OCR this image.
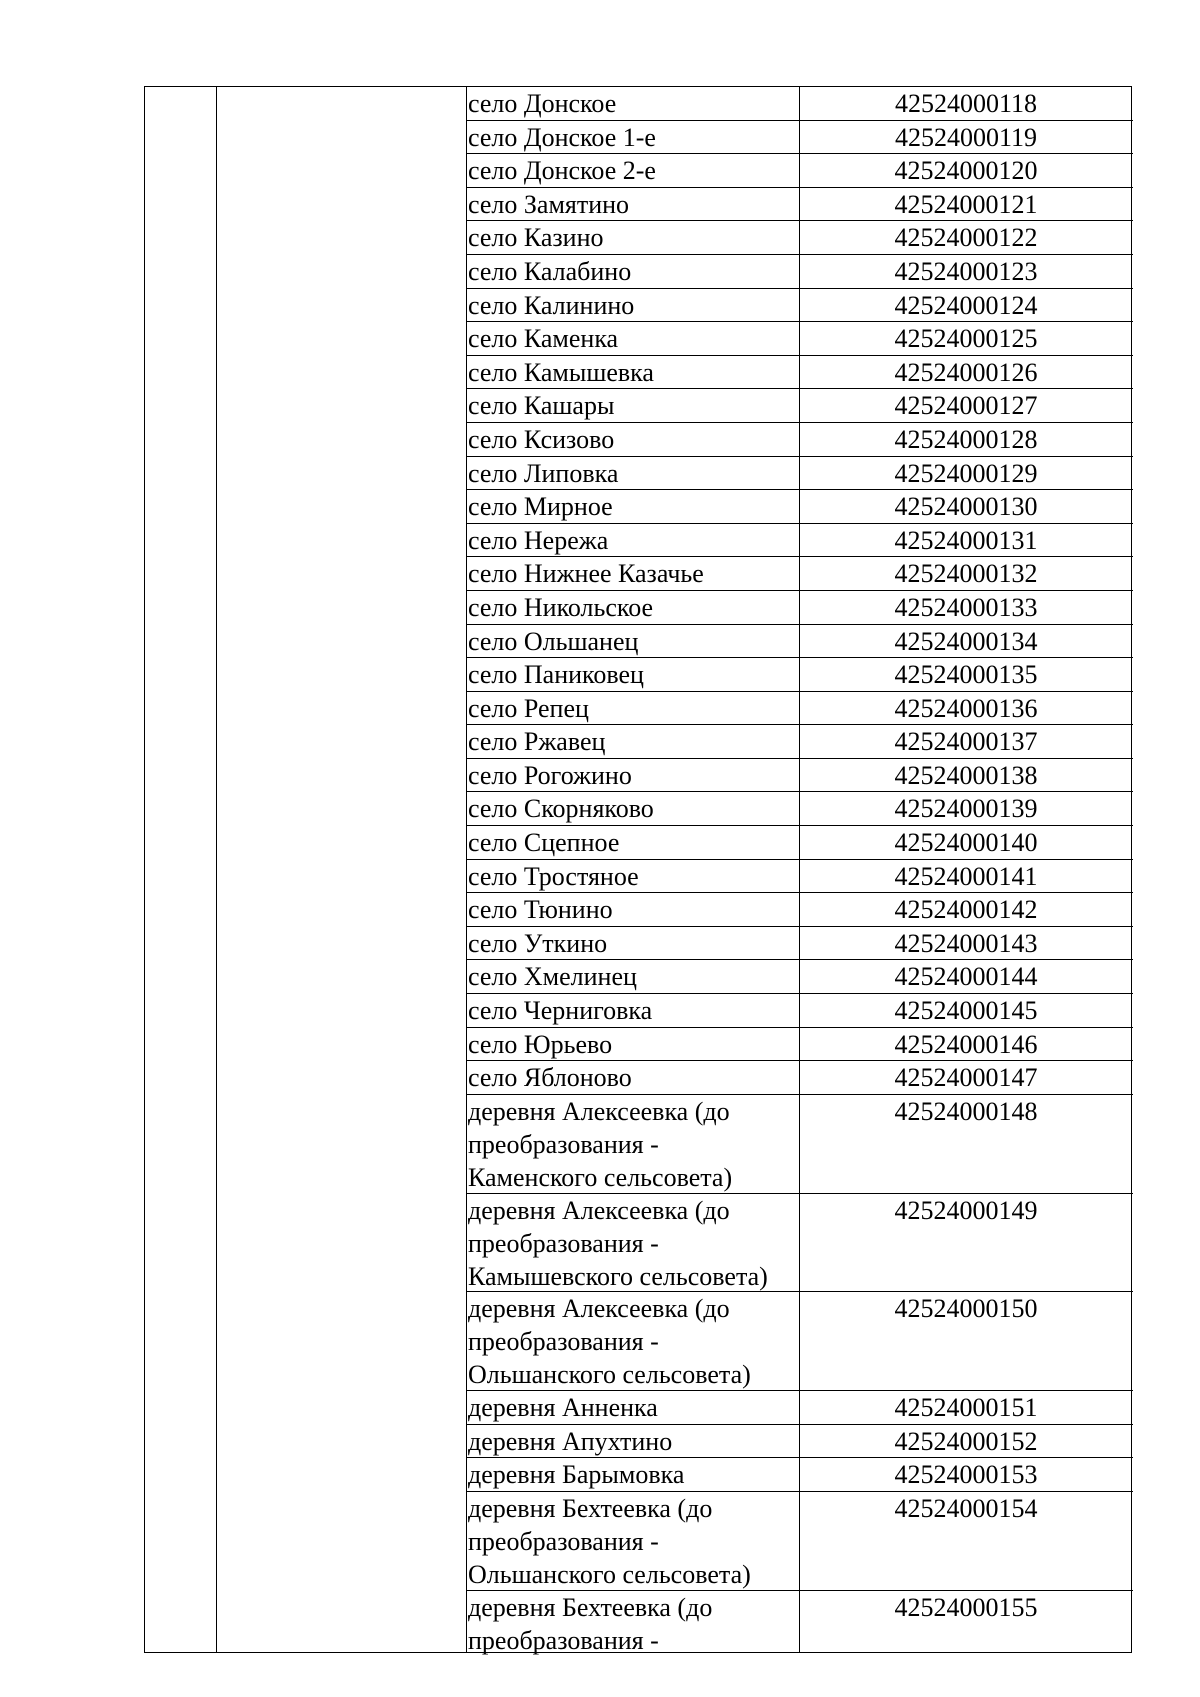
село Донское
село Донское 1-е
село Донское 2-е
село Замятино
село Казино
село Калабино
село Калинино
село Каменка
село Камышевка
село Кашары
село Ксизово
село Липовка
село Мирное
село Нережа
село Нижнее Казачье
село Никольское
село Ольшанец
село Паниковец
село Репец
село Ржавец
село Рогожино
село Скорняково
село Сцепное
село Тростяное
село Тюнино
село Уткино
село Хмелинец
село Черниговка
село Юрьево
село Яблоново
деревня Алексеевка (до
преобразования -
Каменского сельсовета)
деревня Алексеевка (до
преобразования -
Камышевского сельсовета)
деревня Алексеевка (до
преобразования -
Ольшанского сельсовета)
деревня Анненка
деревня Апухтино
деревня Барымовка
деревня Бехтеевка (до
преобразования -
Ольшанского сельсовета)
деревня Бехтеевка (до
преобразования -
42524000118
42524000119
42524000120
42524000121
42524000122
42524000123
42524000124
42524000125
42524000126
42524000127
42524000128
42524000129
42524000130
42524000131
42524000132
42524000133
42524000134
42524000135
42524000136
42524000137
42524000138
42524000139
42524000140
42524000141
42524000142
42524000143
42524000144
42524000145
42524000146
42524000147
42524000148
42524000149
42524000150
42524000151
42524000152
42524000153
42524000154
42524000155
